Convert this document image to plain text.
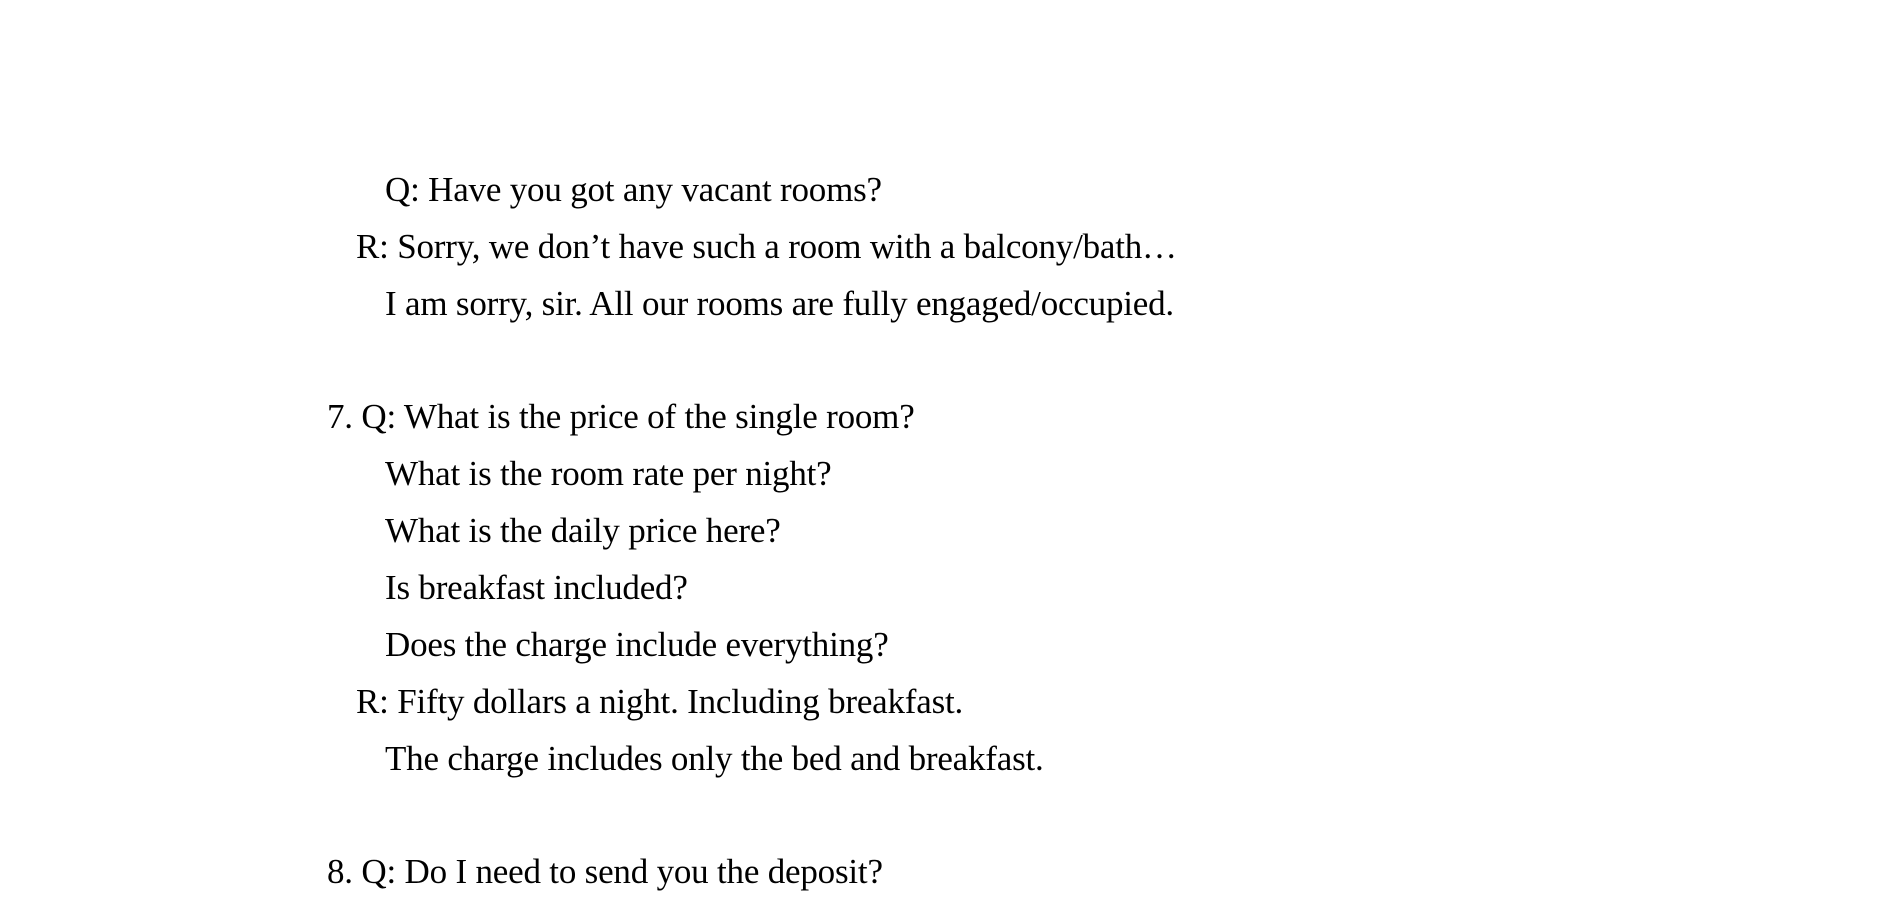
Q: Have you got any vacant rooms?
R: Sorry, we don’t have such a room with a balcony/bath…
I am sorry, sir. All our rooms are fully engaged/occupied.
7. Q: What is the price of the single room?
What is the room rate per night?
What is the daily price here?
Is breakfast included?
Does the charge include everything?
R: Fifty dollars a night. Including breakfast.
The charge includes only the bed and breakfast.
8. Q: Do I need to send you the deposit?
